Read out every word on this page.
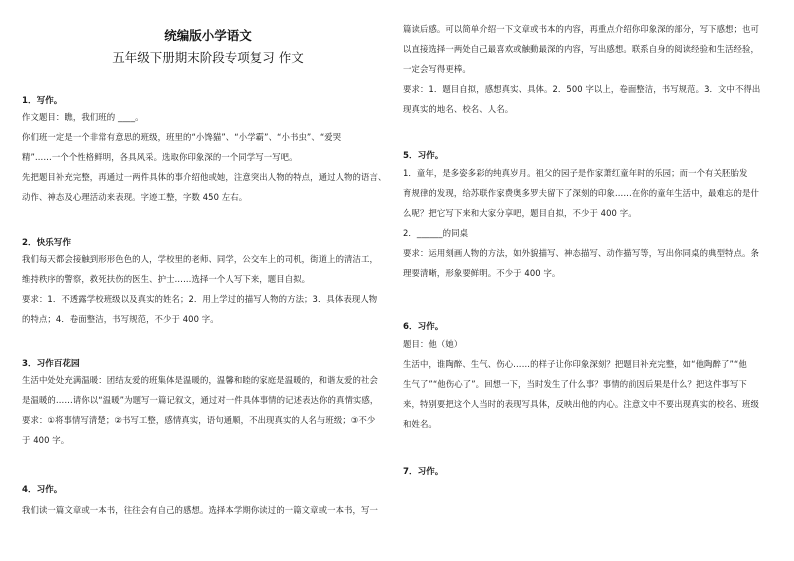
统编版小学语文
五年级下册期末阶段专项复习 作文
1．写作。
作文题目：瞧，我们班的 ____。
你们班一定是一个非常有意思的班级，班里的“小馋猫”、“小学霸”、“小书虫”、“爱哭
精”……一个个性格鲜明，各具风采。选取你印象深的一个同学写一写吧。
先把题目补充完整，再通过一两件具体的事介绍他或她，注意突出人物的特点，通过人物的语言、
动作、神态及心理活动来表现。字迹工整，字数 450 左右。
2．快乐写作
我们每天都会接触到形形色色的人，学校里的老师、同学，公交车上的司机，街道上的清洁工，
维持秩序的警察，救死扶伤的医生、护士……选择一个人写下来，题目自拟。
要求：1．不透露学校班级以及真实的姓名；2．用上学过的描写人物的方法；3．具体表现人物
的特点；4．卷面整洁，书写规范，不少于 400 字。
3．习作百花园
生活中处处充满温暖：团结友爱的班集体是温暖的，温馨和睦的家庭是温暖的，和谐友爱的社会
是温暖的……请你以“温暖”为题写一篇记叙文，通过对一件具体事情的记述表达你的真情实感，
要求：①将事情写清楚；②书写工整，感情真实，语句通顺，不出现真实的人名与班级；③不少
于 400 字。
4．习作。
我们读一篇文章或一本书，往往会有自己的感想。选择本学期你读过的一篇文章或一本书，写一
篇读后感。可以简单介绍一下文章或书本的内容，再重点介绍你印象深的部分，写下感想；也可
以直接选择一两处自己最喜欢或触動最深的内容，写出感想。联系自身的阅读经验和生活经验，
一定会写得更棒。
要求：1．题目自拟，感想真实、具体。2．500 字以上，卷面整洁，书写规范。3．文中不得出
现真实的地名、校名、人名。
5．习作。
1．童年，是多姿多彩的纯真岁月。祖父的园子是作家萧红童年时的乐园；而一个有关胚胎发
育规律的发现，给苏联作家费奥多罗夫留下了深刻的印象……在你的童年生活中，最难忘的是什
么呢？把它写下来和大家分享吧，题目自拟，不少于 400 字。
2．______的同桌
要求：运用刻画人物的方法，如外貌描写、神态描写、动作描写等，写出你同桌的典型特点。条
理要清晰，形象要鲜明。不少于 400 字。
6．习作。
题目：他（她）
生活中，谁陶醉、生气、伤心……的样子让你印象深刻？把题目补充完整，如“他陶醉了”“他
生气了”“他伤心了”。回想一下，当时发生了什么事？事情的前因后果是什么？把这件事写下
来，特别要把这个人当时的表现写具体，反映出他的内心。注意文中不要出现真实的校名、班级
和姓名。
7．习作。
